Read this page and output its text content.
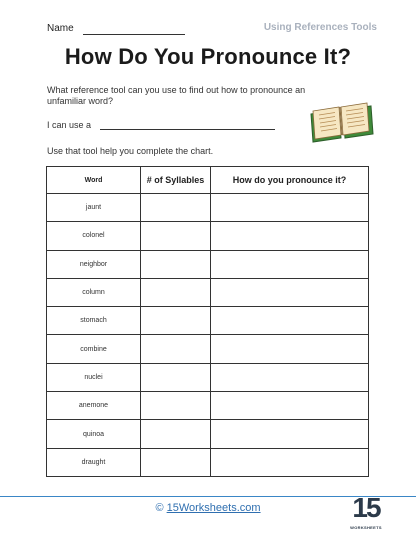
Name	Using References Tools
How Do You Pronounce It?
What reference tool can you use to find out how to pronounce an unfamiliar word?
I can use a
Use that tool help you complete the chart.
Word	# of Syllables	How do you pronounce it?
jaunt		
colonel		
neighbor		
column		
stomach		
combine		
nuclei		
anemone		
quinoa		
draught		
© 15Worksheets.com	15
WORKSHEETS
